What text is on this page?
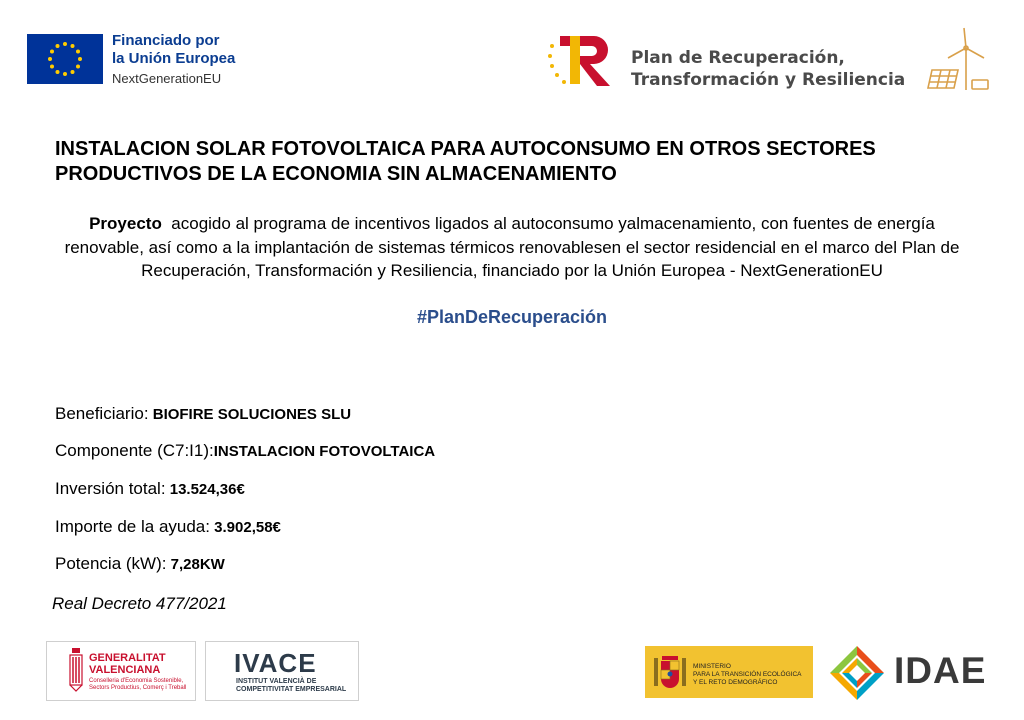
Financiado por
la Unión Europea
NextGenerationEU
Plan de Recuperación,
Transformación y Resiliencia
INSTALACION SOLAR FOTOVOLTAICA PARA AUTOCONSUMO EN OTROS SECTORES
PRODUCTIVOS DE LA ECONOMIA SIN ALMACENAMIENTO
Proyecto  acogido al programa de incentivos ligados al autoconsumo yalmacenamiento, con fuentes de energía renovable, así como a la implantación de sistemas térmicos renovablesen el sector residencial en el marco del Plan de Recuperación, Transformación y Resiliencia, financiado por la Unión Europea - NextGenerationEU
#PlanDeRecuperación
Beneficiario: BIOFIRE SOLUCIONES SLU
Componente (C7:I1):INSTALACION FOTOVOLTAICA
Inversión total: 13.524,36€
Importe de la ayuda: 3.902,58€
Potencia (kW): 7,28KW
Real Decreto 477/2021
GENERALITAT
VALENCIANA
Conselleria d'Economia Sostenible, Sectors Productius, Comerç i Treball
IVACE
INSTITUT VALENCIÀ DE
COMPETITIVITAT EMPRESARIAL
MINISTERIO
PARA LA TRANSICIÓN ECOLÓGICA
Y EL RETO DEMOGRÁFICO	IDAE
